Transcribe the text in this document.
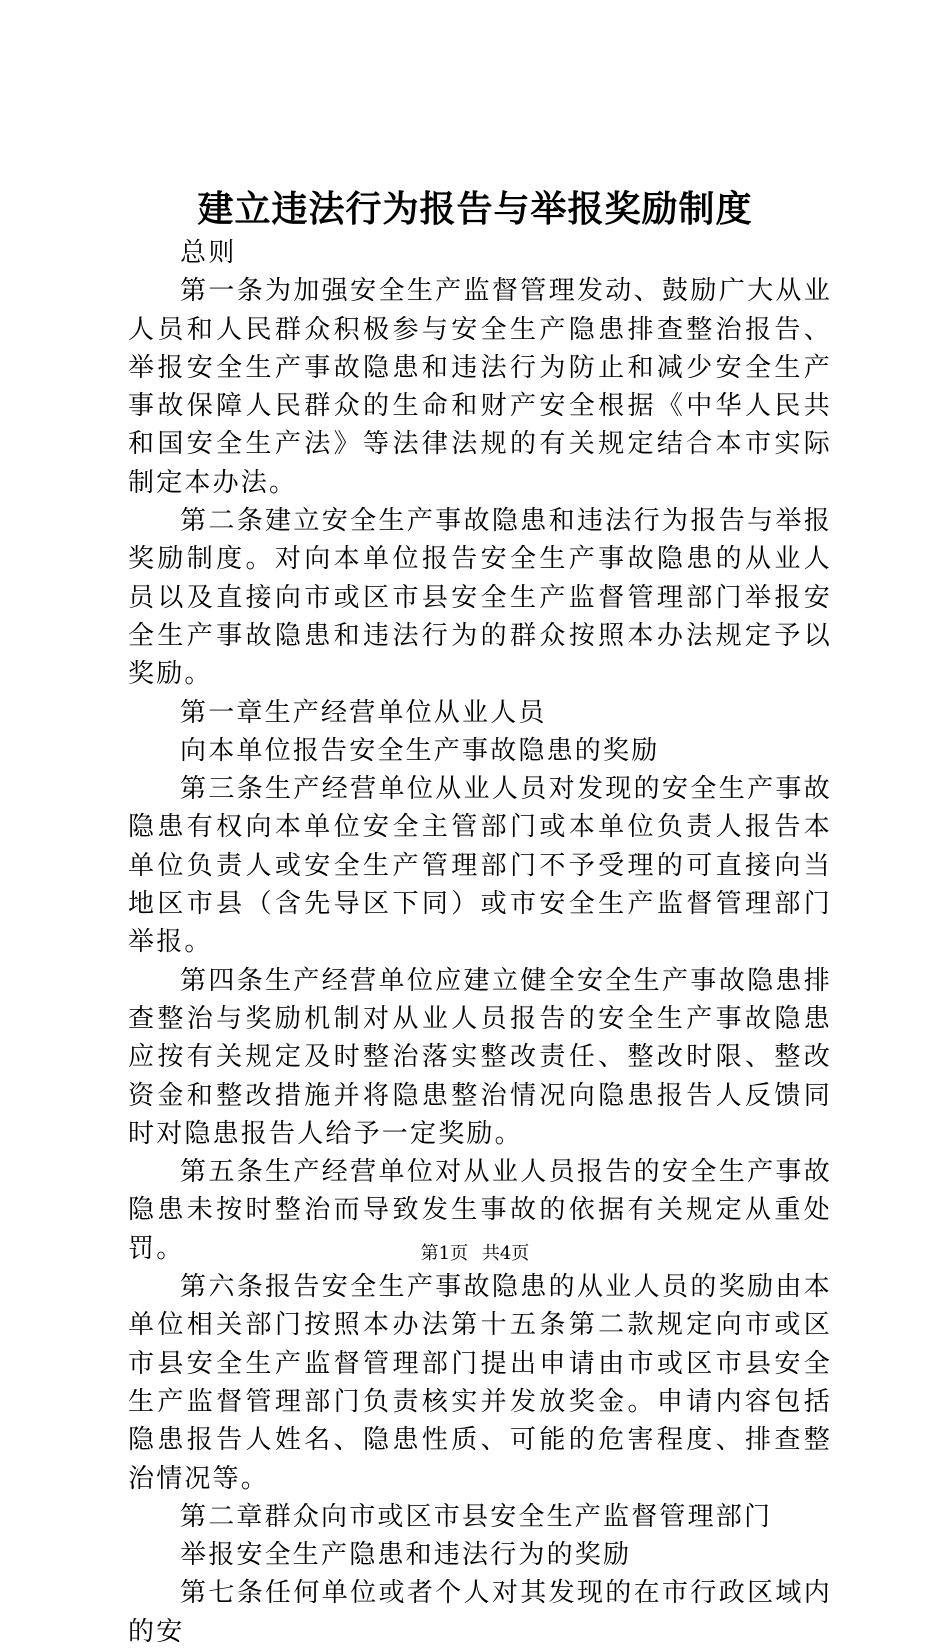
建立违法行为报告与举报奖励制度

总则

第一条为加强安全生产监督管理发动、鼓励广大从业人员和人民群众积极参与安全生产隐患排查整治报告、举报安全生产事故隐患和违法行为防止和减少安全生产事故保障人民群众的生命和财产安全根据《中华人民共和国安全生产法》等法律法规的有关规定结合本市实际制定本办法。

第二条建立安全生产事故隐患和违法行为报告与举报奖励制度。对向本单位报告安全生产事故隐患的从业人员以及直接向市或区市县安全生产监督管理部门举报安全生产事故隐患和违法行为的群众按照本办法规定予以奖励。

第一章生产经营单位从业人员

向本单位报告安全生产事故隐患的奖励

第三条生产经营单位从业人员对发现的安全生产事故隐患有权向本单位安全主管部门或本单位负责人报告本单位负责人或安全生产管理部门不予受理的可直接向当地区市县（含先导区下同）或市安全生产监督管理部门举报。

第四条生产经营单位应建立健全安全生产事故隐患排查整治与奖励机制对从业人员报告的安全生产事故隐患应按有关规定及时整治落实整改责任、整改时限、整改资金和整改措施并将隐患整治情况向隐患报告人反馈同时对隐患报告人给予一定奖励。

第五条生产经营单位对从业人员报告的安全生产事故隐患未按时整治而导致发生事故的依据有关规定从重处罚。

第六条报告安全生产事故隐患的从业人员的奖励由本单位相关部门按照本办法第十五条第二款规定向市或区市县安全生产监督管理部门提出申请由市或区市县安全生产监督管理部门负责核实并发放奖金。申请内容包括隐患报告人姓名、隐患性质、可能的危害程度、排查整治情况等。

第二章群众向市或区市县安全生产监督管理部门

举报安全生产隐患和违法行为的奖励

第七条任何单位或者个人对其发现的在市行政区域内的安

第1页 共4页
